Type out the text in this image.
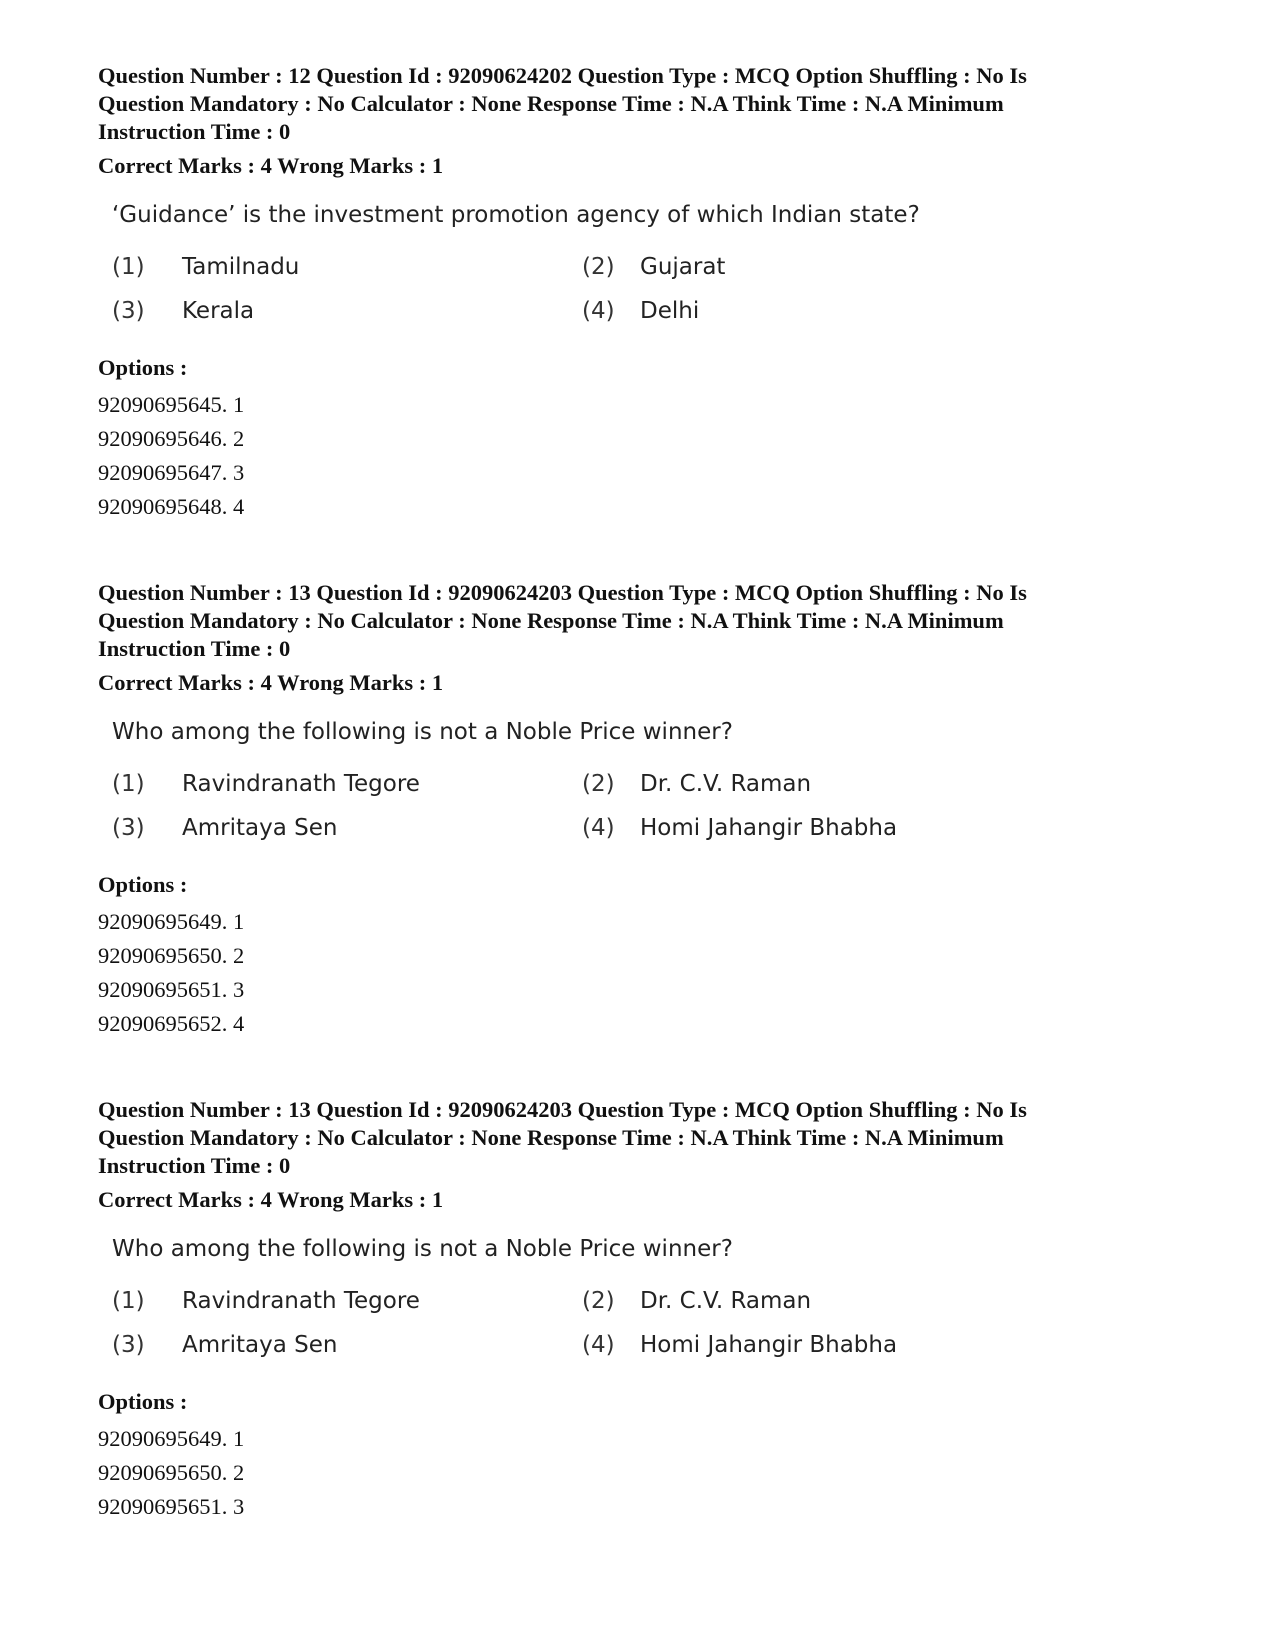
Question Number : 12 Question Id : 92090624202 Question Type : MCQ Option Shuffling : No Is

Question Mandatory : No Calculator : None Response Time : N.A Think Time : N.A Minimum

Instruction Time : 0

Correct Marks : 4 Wrong Marks : 1

‘Guidance’ is the investment promotion agency of which Indian state?

(1)	Tamilnadu	(2)	Gujarat
(3)	Kerala	(4)	Delhi

Options :

92090695645. 1

92090695646. 2

92090695647. 3

92090695648. 4

Question Number : 13 Question Id : 92090624203 Question Type : MCQ Option Shuffling : No Is

Question Mandatory : No Calculator : None Response Time : N.A Think Time : N.A Minimum

Instruction Time : 0

Correct Marks : 4 Wrong Marks : 1

Who among the following is not a Noble Price winner?

(1)	Ravindranath Tegore	(2)	Dr. C.V. Raman
(3)	Amritaya Sen	(4)	Homi Jahangir Bhabha

Options :

92090695649. 1

92090695650. 2

92090695651. 3

92090695652. 4

Question Number : 13 Question Id : 92090624203 Question Type : MCQ Option Shuffling : No Is

Question Mandatory : No Calculator : None Response Time : N.A Think Time : N.A Minimum

Instruction Time : 0

Correct Marks : 4 Wrong Marks : 1

Who among the following is not a Noble Price winner?

(1)	Ravindranath Tegore	(2)	Dr. C.V. Raman
(3)	Amritaya Sen	(4)	Homi Jahangir Bhabha

Options :

92090695649. 1

92090695650. 2

92090695651. 3
